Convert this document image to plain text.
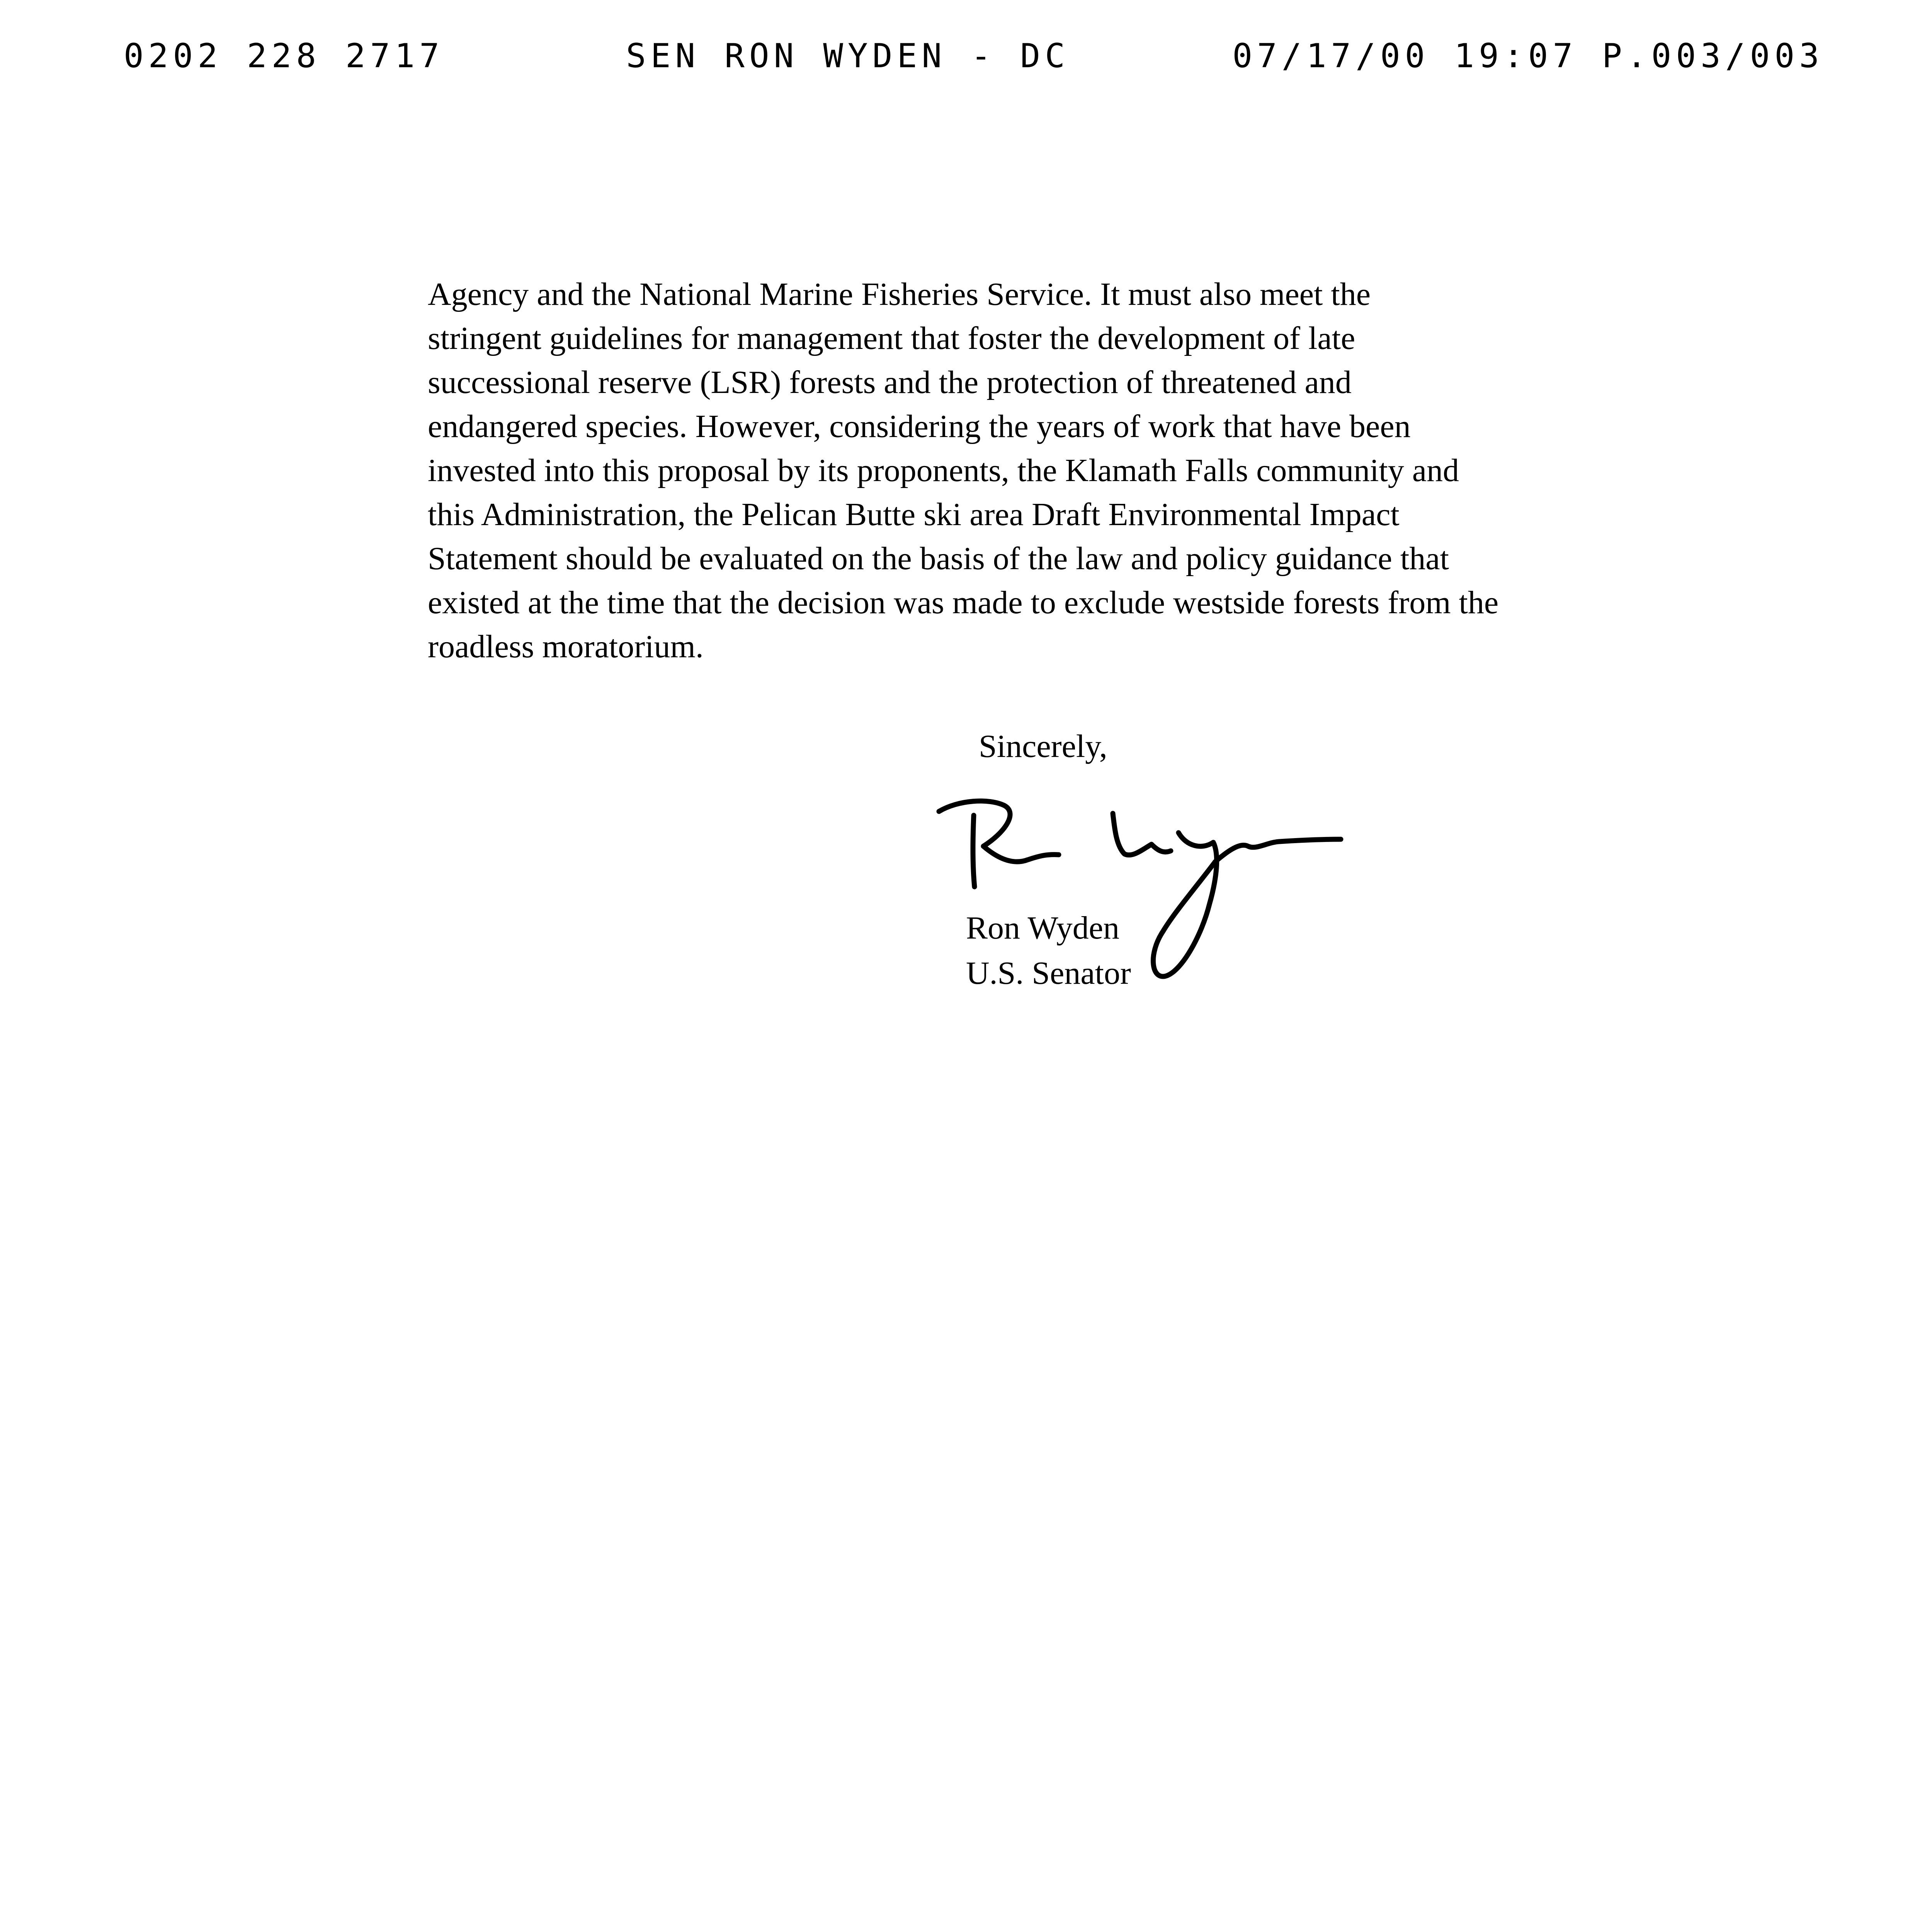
0202 228 2717	SEN RON WYDEN - DC	07/17/00 19:07 P.003/003

Agency and the National Marine Fisheries Service. It must also meet the
stringent guidelines for management that foster the development of late
successional reserve (LSR) forests and the protection of threatened and
endangered species. However, considering the years of work that have been
invested into this proposal by its proponents, the Klamath Falls community and
this Administration, the Pelican Butte ski area Draft Environmental Impact
Statement should be evaluated on the basis of the law and policy guidance that
existed at the time that the decision was made to exclude westside forests from the
roadless moratorium.

Sincerely,
Ron Wyden
U.S. Senator
